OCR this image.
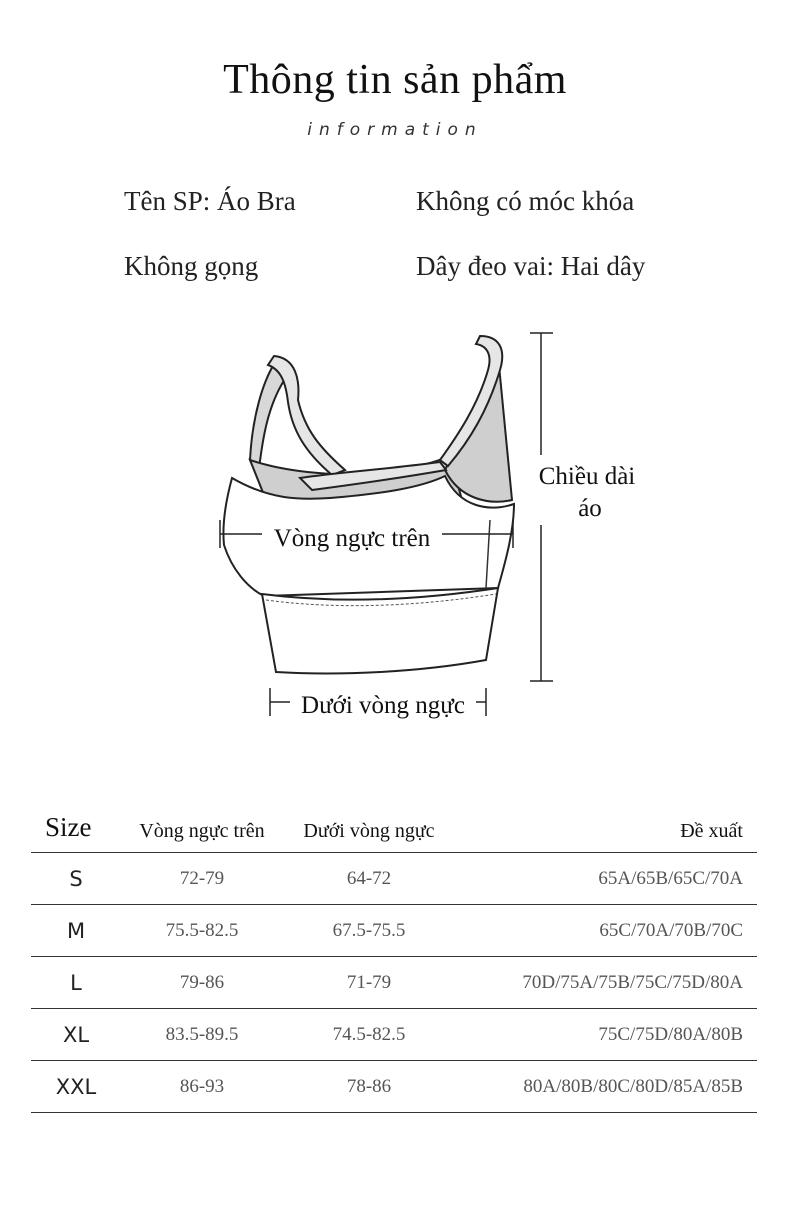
Thông tin sản phẩm
information
Tên SP: Áo Bra	Không có móc khóa
Không gọng	Dây đeo vai: Hai dây
Chiều dài
áo
Vòng ngực trên
Dưới vòng ngực
Size	Vòng ngực trên	Dưới vòng ngực	Đề xuất
S	72-79	64-72	65A/65B/65C/70A
M	75.5-82.5	67.5-75.5	65C/70A/70B/70C
L	79-86	71-79	70D/75A/75B/75C/75D/80A
XL	83.5-89.5	74.5-82.5	75C/75D/80A/80B
XXL	86-93	78-86	80A/80B/80C/80D/85A/85B
